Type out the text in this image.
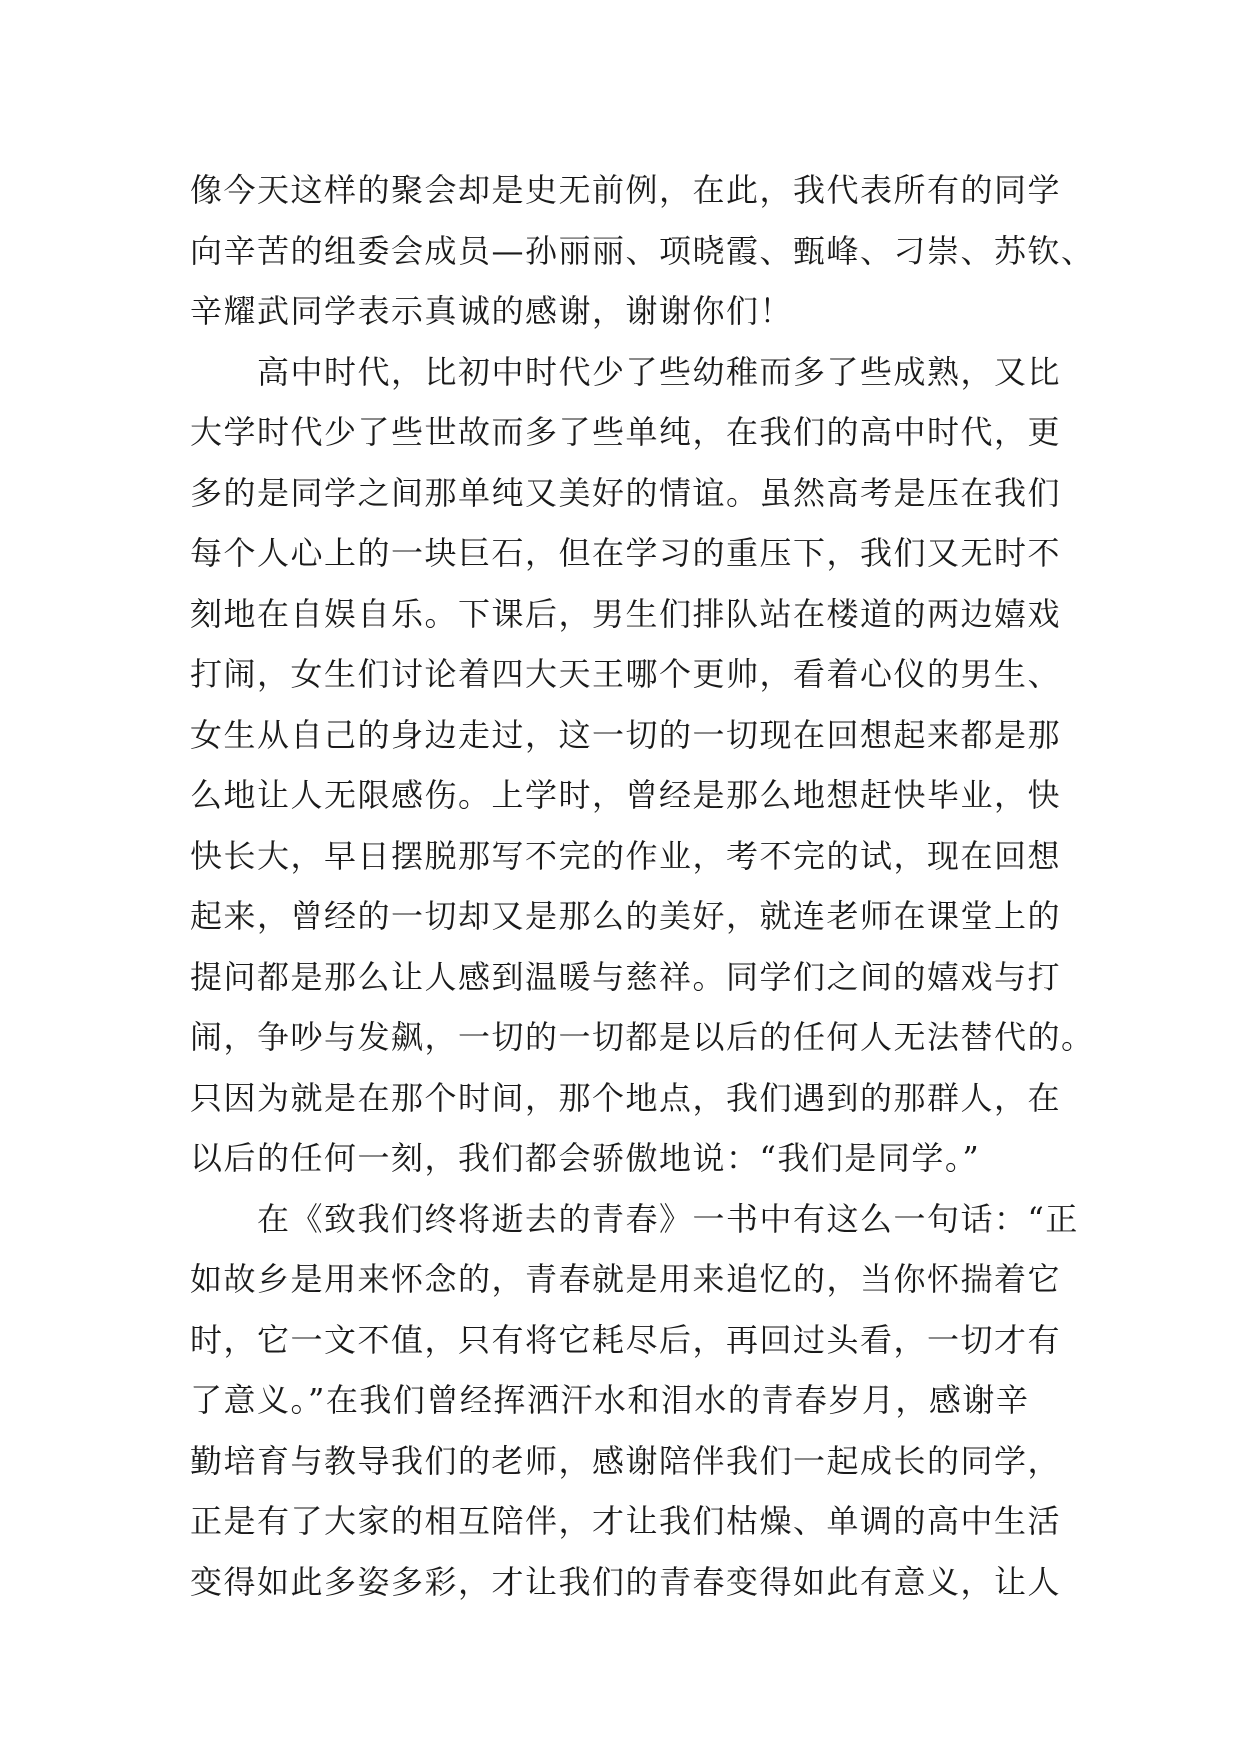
像今天这样的聚会却是史无前例，在此，我代表所有的同学
向辛苦的组委会成员—孙丽丽、项晓霞、甄峰、刁崇、苏钦、
辛耀武同学表示真诚的感谢，谢谢你们！
　　高中时代，比初中时代少了些幼稚而多了些成熟，又比
大学时代少了些世故而多了些单纯，在我们的高中时代，更
多的是同学之间那单纯又美好的情谊。虽然高考是压在我们
每个人心上的一块巨石，但在学习的重压下，我们又无时不
刻地在自娱自乐。下课后，男生们排队站在楼道的两边嬉戏
打闹，女生们讨论着四大天王哪个更帅，看着心仪的男生、
女生从自己的身边走过，这一切的一切现在回想起来都是那
么地让人无限感伤。上学时，曾经是那么地想赶快毕业，快
快长大，早日摆脱那写不完的作业，考不完的试，现在回想
起来，曾经的一切却又是那么的美好，就连老师在课堂上的
提问都是那么让人感到温暖与慈祥。同学们之间的嬉戏与打
闹，争吵与发飙，一切的一切都是以后的任何人无法替代的。
只因为就是在那个时间，那个地点，我们遇到的那群人，在
以后的任何一刻，我们都会骄傲地说：“我们是同学。”
　　在《致我们终将逝去的青春》一书中有这么一句话：“正
如故乡是用来怀念的，青春就是用来追忆的，当你怀揣着它
时，它一文不值，只有将它耗尽后，再回过头看，一切才有
了意义。”在我们曾经挥洒汗水和泪水的青春岁月，感谢辛
勤培育与教导我们的老师，感谢陪伴我们一起成长的同学，
正是有了大家的相互陪伴，才让我们枯燥、单调的高中生活
变得如此多姿多彩，才让我们的青春变得如此有意义，让人
